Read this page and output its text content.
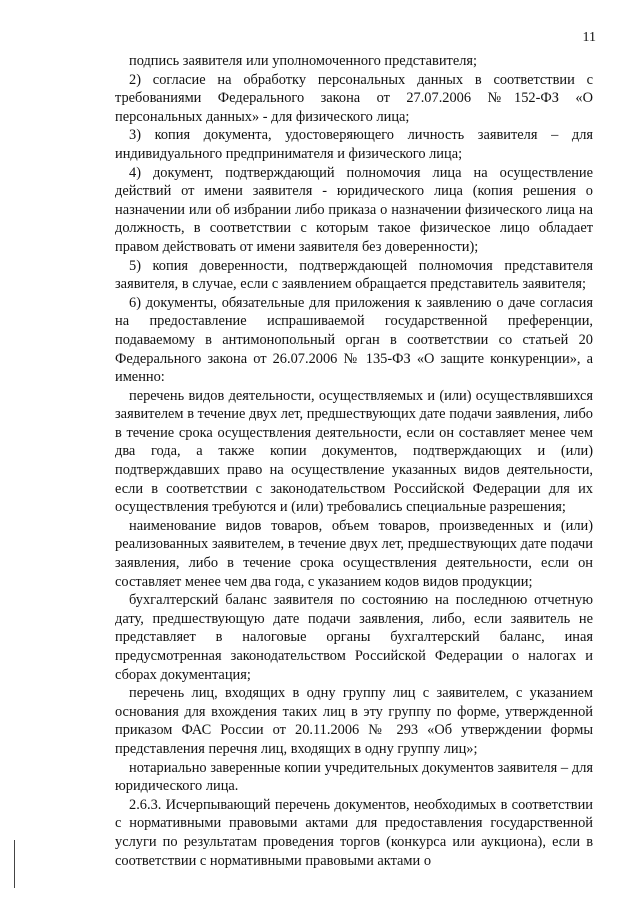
11

подпись заявителя или уполномоченного представителя;

2) согласие на обработку персональных данных в соответствии с требованиями Федерального закона от 27.07.2006 №152-ФЗ «О персональных данных» - для физического лица;

3) копия документа, удостоверяющего личность заявителя – для индивидуального предпринимателя и физического лица;

4) документ, подтверждающий полномочия лица на осуществление действий от имени заявителя - юридического лица (копия решения о назначении или об избрании либо приказа о назначении физического лица на должность, в соответствии с которым такое физическое лицо обладает правом действовать от имени заявителя без доверенности);

5) копия доверенности, подтверждающей полномочия представителя заявителя, в случае, если с заявлением обращается представитель заявителя;

6) документы, обязательные для приложения к заявлению о даче согласия на предоставление испрашиваемой государственной преференции, подаваемому в антимонопольный орган в соответствии со статьей 20 Федерального закона от 26.07.2006 № 135-ФЗ «О защите конкуренции», а именно:

перечень видов деятельности, осуществляемых и (или) осуществлявшихся заявителем в течение двух лет, предшествующих дате подачи заявления, либо в течение срока осуществления деятельности, если он составляет менее чем два года, а также копии документов, подтверждающих и (или) подтверждавших право на осуществление указанных видов деятельности, если в соответствии с законодательством Российской Федерации для их осуществления требуются и (или) требовались специальные разрешения;

наименование видов товаров, объем товаров, произведенных и (или) реализованных заявителем, в течение двух лет, предшествующих дате подачи заявления, либо в течение срока осуществления деятельности, если он составляет менее чем два года, с указанием кодов видов продукции;

бухгалтерский баланс заявителя по состоянию на последнюю отчетную дату, предшествующую дате подачи заявления, либо, если заявитель не представляет в налоговые органы бухгалтерский баланс, иная предусмотренная законодательством Российской Федерации о налогах и сборах документация;

перечень лиц, входящих в одну группу лиц с заявителем, с указанием основания для вхождения таких лиц в эту группу по форме, утвержденной приказом ФАС России от 20.11.2006 № 293 «Об утверждении формы представления перечня лиц, входящих в одну группу лиц»;

нотариально заверенные копии учредительных документов заявителя – для юридического лица.

2.6.3. Исчерпывающий перечень документов, необходимых в соответствии с нормативными правовыми актами для предоставления государственной услуги по результатам проведения торгов (конкурса или аукциона), если в соответствии с нормативными правовыми актами о
